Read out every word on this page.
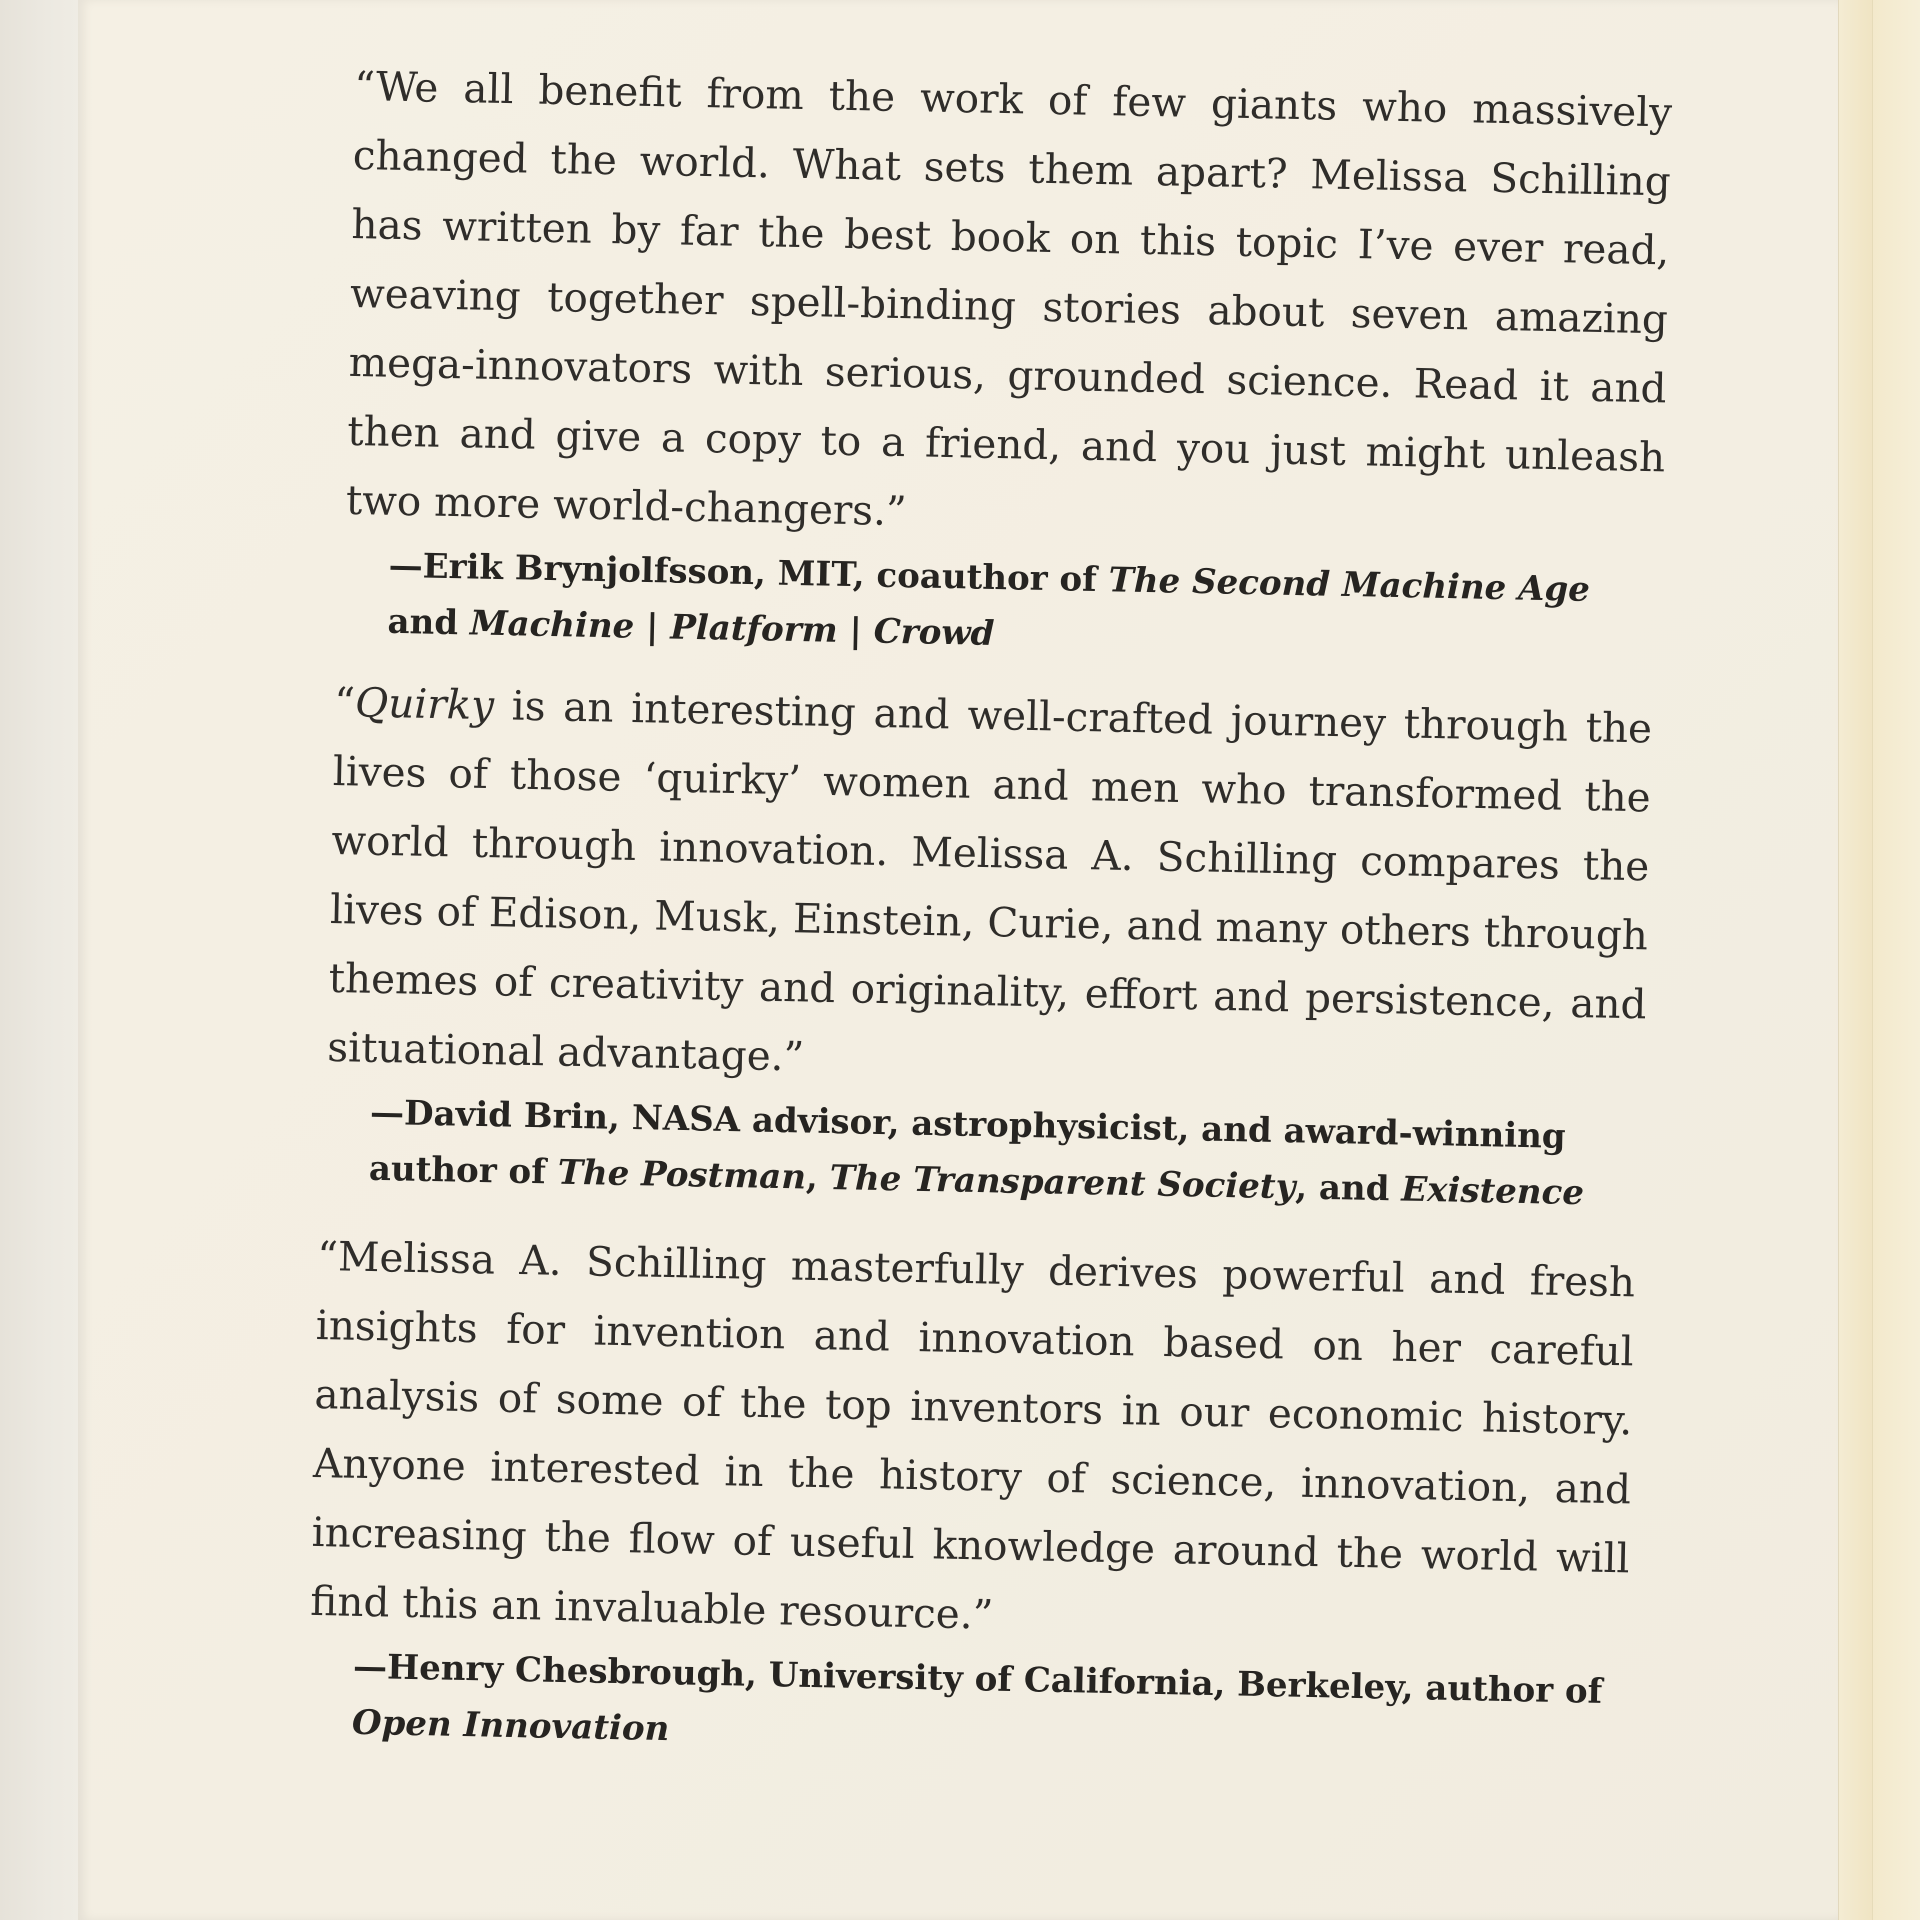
“We all benefit from the work of few giants who massively changed the world. What sets them apart? Melissa Schilling has written by far the best book on this topic I’ve ever read, weaving together spell-binding stories about seven amazing mega-innovators with serious, grounded science. Read it and then and give a copy to a friend, and you just might unleash two more world-changers.”

—Erik Brynjolfsson, MIT, coauthor of The Second Machine Age and Machine | Platform | Crowd

“Quirky is an interesting and well-crafted journey through the lives of those ‘quirky’ women and men who transformed the world through innovation. Melissa A. Schilling compares the lives of Edison, Musk, Einstein, Curie, and many others through themes of creativity and originality, effort and persistence, and situational advantage.”

—David Brin, NASA advisor, astrophysicist, and award-winning author of The Postman, The Transparent Society, and Existence

“Melissa A. Schilling masterfully derives powerful and fresh insights for invention and innovation based on her careful analysis of some of the top inventors in our economic history. Anyone interested in the history of science, innovation, and increasing the flow of useful knowledge around the world will find this an invaluable resource.”

—Henry Chesbrough, University of California, Berkeley, author of Open Innovation
